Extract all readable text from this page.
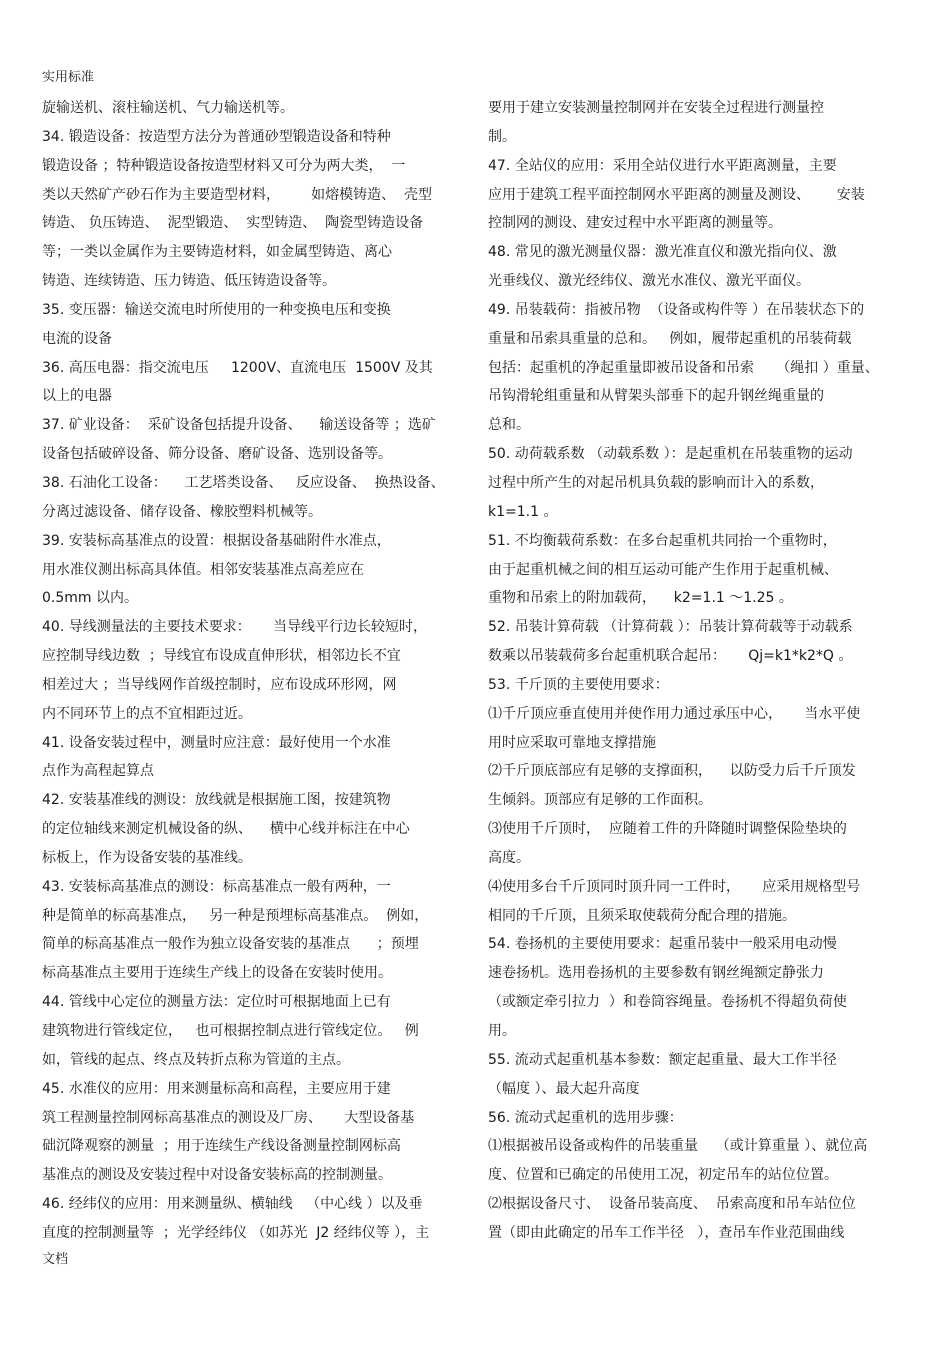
实用标准
旋输送机、滚柱输送机、气力输送机等。
34. 锻造设备：按造型方法分为普通砂型锻造设备和特种
锻造设备 ；特种锻造设备按造型材料又可分为两大类，  一
类以天然矿产砂石作为主要造型材料，       如熔模铸造、  壳型
铸造、 负压铸造、  泥型锻造、  实型铸造、  陶瓷型铸造设备
等；一类以金属作为主要铸造材料，如金属型铸造、离心
铸造、连续铸造、压力铸造、低压铸造设备等。
35. 变压器：输送交流电时所使用的一种变换电压和变换
电流的设备
36. 高压电器：指交流电压     1200V、直流电压  1500V 及其
以上的电器
37. 矿业设备：  采矿设备包括提升设备、    输送设备等 ；选矿
设备包括破碎设备、筛分设备、磨矿设备、选别设备等。
38. 石油化工设备：    工艺塔类设备、   反应设备、  换热设备、
分离过滤设备、储存设备、橡胶塑料机械等。
39. 安装标高基准点的设置：根据设备基础附件水准点，
用水准仪测出标高具体值。相邻安装基准点高差应在
0.5mm 以内。
40. 导线测量法的主要技术要求：     当导线平行边长较短时，
应控制导线边数  ；导线宜布设成直伸形状，相邻边长不宜
相差过大 ；当导线网作首级控制时，应布设成环形网，网
内不同环节上的点不宜相距过近。
41. 设备安装过程中，测量时应注意：最好使用一个水准
点作为高程起算点
42. 安装基准线的测设：放线就是根据施工图，按建筑物
的定位轴线来测定机械设备的纵、    横中心线并标注在中心
标板上，作为设备安装的基准线。
43. 安装标高基准点的测设：标高基准点一般有两种，一
种是简单的标高基准点，   另一种是预埋标高基准点。  例如，
简单的标高基准点一般作为独立设备安装的基准点      ；预埋
标高基准点主要用于连续生产线上的设备在安装时使用。
44. 管线中心定位的测量方法：定位时可根据地面上已有
建筑物进行管线定位，   也可根据控制点进行管线定位。   例
如，管线的起点、终点及转折点称为管道的主点。
45. 水准仪的应用：用来测量标高和高程，主要应用于建
筑工程测量控制网标高基准点的测设及厂房、     大型设备基
础沉降观察的测量  ；用于连续生产线设备测量控制网标高
基准点的测设及安装过程中对设备安装标高的控制测量。
46. 经纬仪的应用：用来测量纵、横轴线   （中心线 ）以及垂
直度的控制测量等  ；光学经纬仪 （如苏光  J2 经纬仪等 ），主
要用于建立安装测量控制网并在安装全过程进行测量控
制。
47. 全站仪的应用：采用全站仪进行水平距离测量，主要
应用于建筑工程平面控制网水平距离的测量及测设、      安装
控制网的测设、建安过程中水平距离的测量等。
48. 常见的激光测量仪器：激光准直仪和激光指向仪、激
光垂线仪、激光经纬仪、激光水准仪、激光平面仪。
49. 吊装载荷：指被吊物  （设备或构件等 ）在吊装状态下的
重量和吊索具重量的总和。   例如，履带起重机的吊装荷载
包括：起重机的净起重量即被吊设备和吊索     （绳扣 ）重量、
吊钩滑轮组重量和从臂架头部垂下的起升钢丝绳重量的
总和。
50. 动荷载系数 （动载系数 ）：是起重机在吊装重物的运动
过程中所产生的对起吊机具负载的影响而计入的系数，
k1=1.1 。
51. 不均衡载荷系数：在多台起重机共同抬一个重物时，
由于起重机械之间的相互运动可能产生作用于起重机械、
重物和吊索上的附加载荷，    k2=1.1 ～1.25 。
52. 吊装计算荷载 （计算荷载 ）：吊装计算荷载等于动载系
数乘以吊装载荷多台起重机联合起吊：     Qj=k1*k2*Q 。
53. 千斤顶的主要使用要求：
⑴千斤顶应垂直使用并使作用力通过承压中心，     当水平使
用时应采取可靠地支撑措施
⑵千斤顶底部应有足够的支撑面积，    以防受力后千斤顶发
生倾斜。顶部应有足够的工作面积。
⑶使用千斤顶时，  应随着工件的升降随时调整保险垫块的
高度。
⑷使用多台千斤顶同时顶升同一工件时，     应采用规格型号
相同的千斤顶，且须采取使载荷分配合理的措施。
54. 卷扬机的主要使用要求：起重吊装中一般采用电动慢
速卷扬机。选用卷扬机的主要参数有钢丝绳额定静张力
（或额定牵引拉力  ）和卷筒容绳量。卷扬机不得超负荷使
用。
55. 流动式起重机基本参数：额定起重量、最大工作半径
（幅度 ）、最大起升高度
56. 流动式起重机的选用步骤：
⑴根据被吊设备或构件的吊装重量    （或计算重量 ）、就位高
度、位置和已确定的吊使用工况，初定吊车的站位位置。
⑵根据设备尺寸、  设备吊装高度、  吊索高度和吊车站位位
置（即由此确定的吊车工作半径   ），查吊车作业范围曲线
文档
